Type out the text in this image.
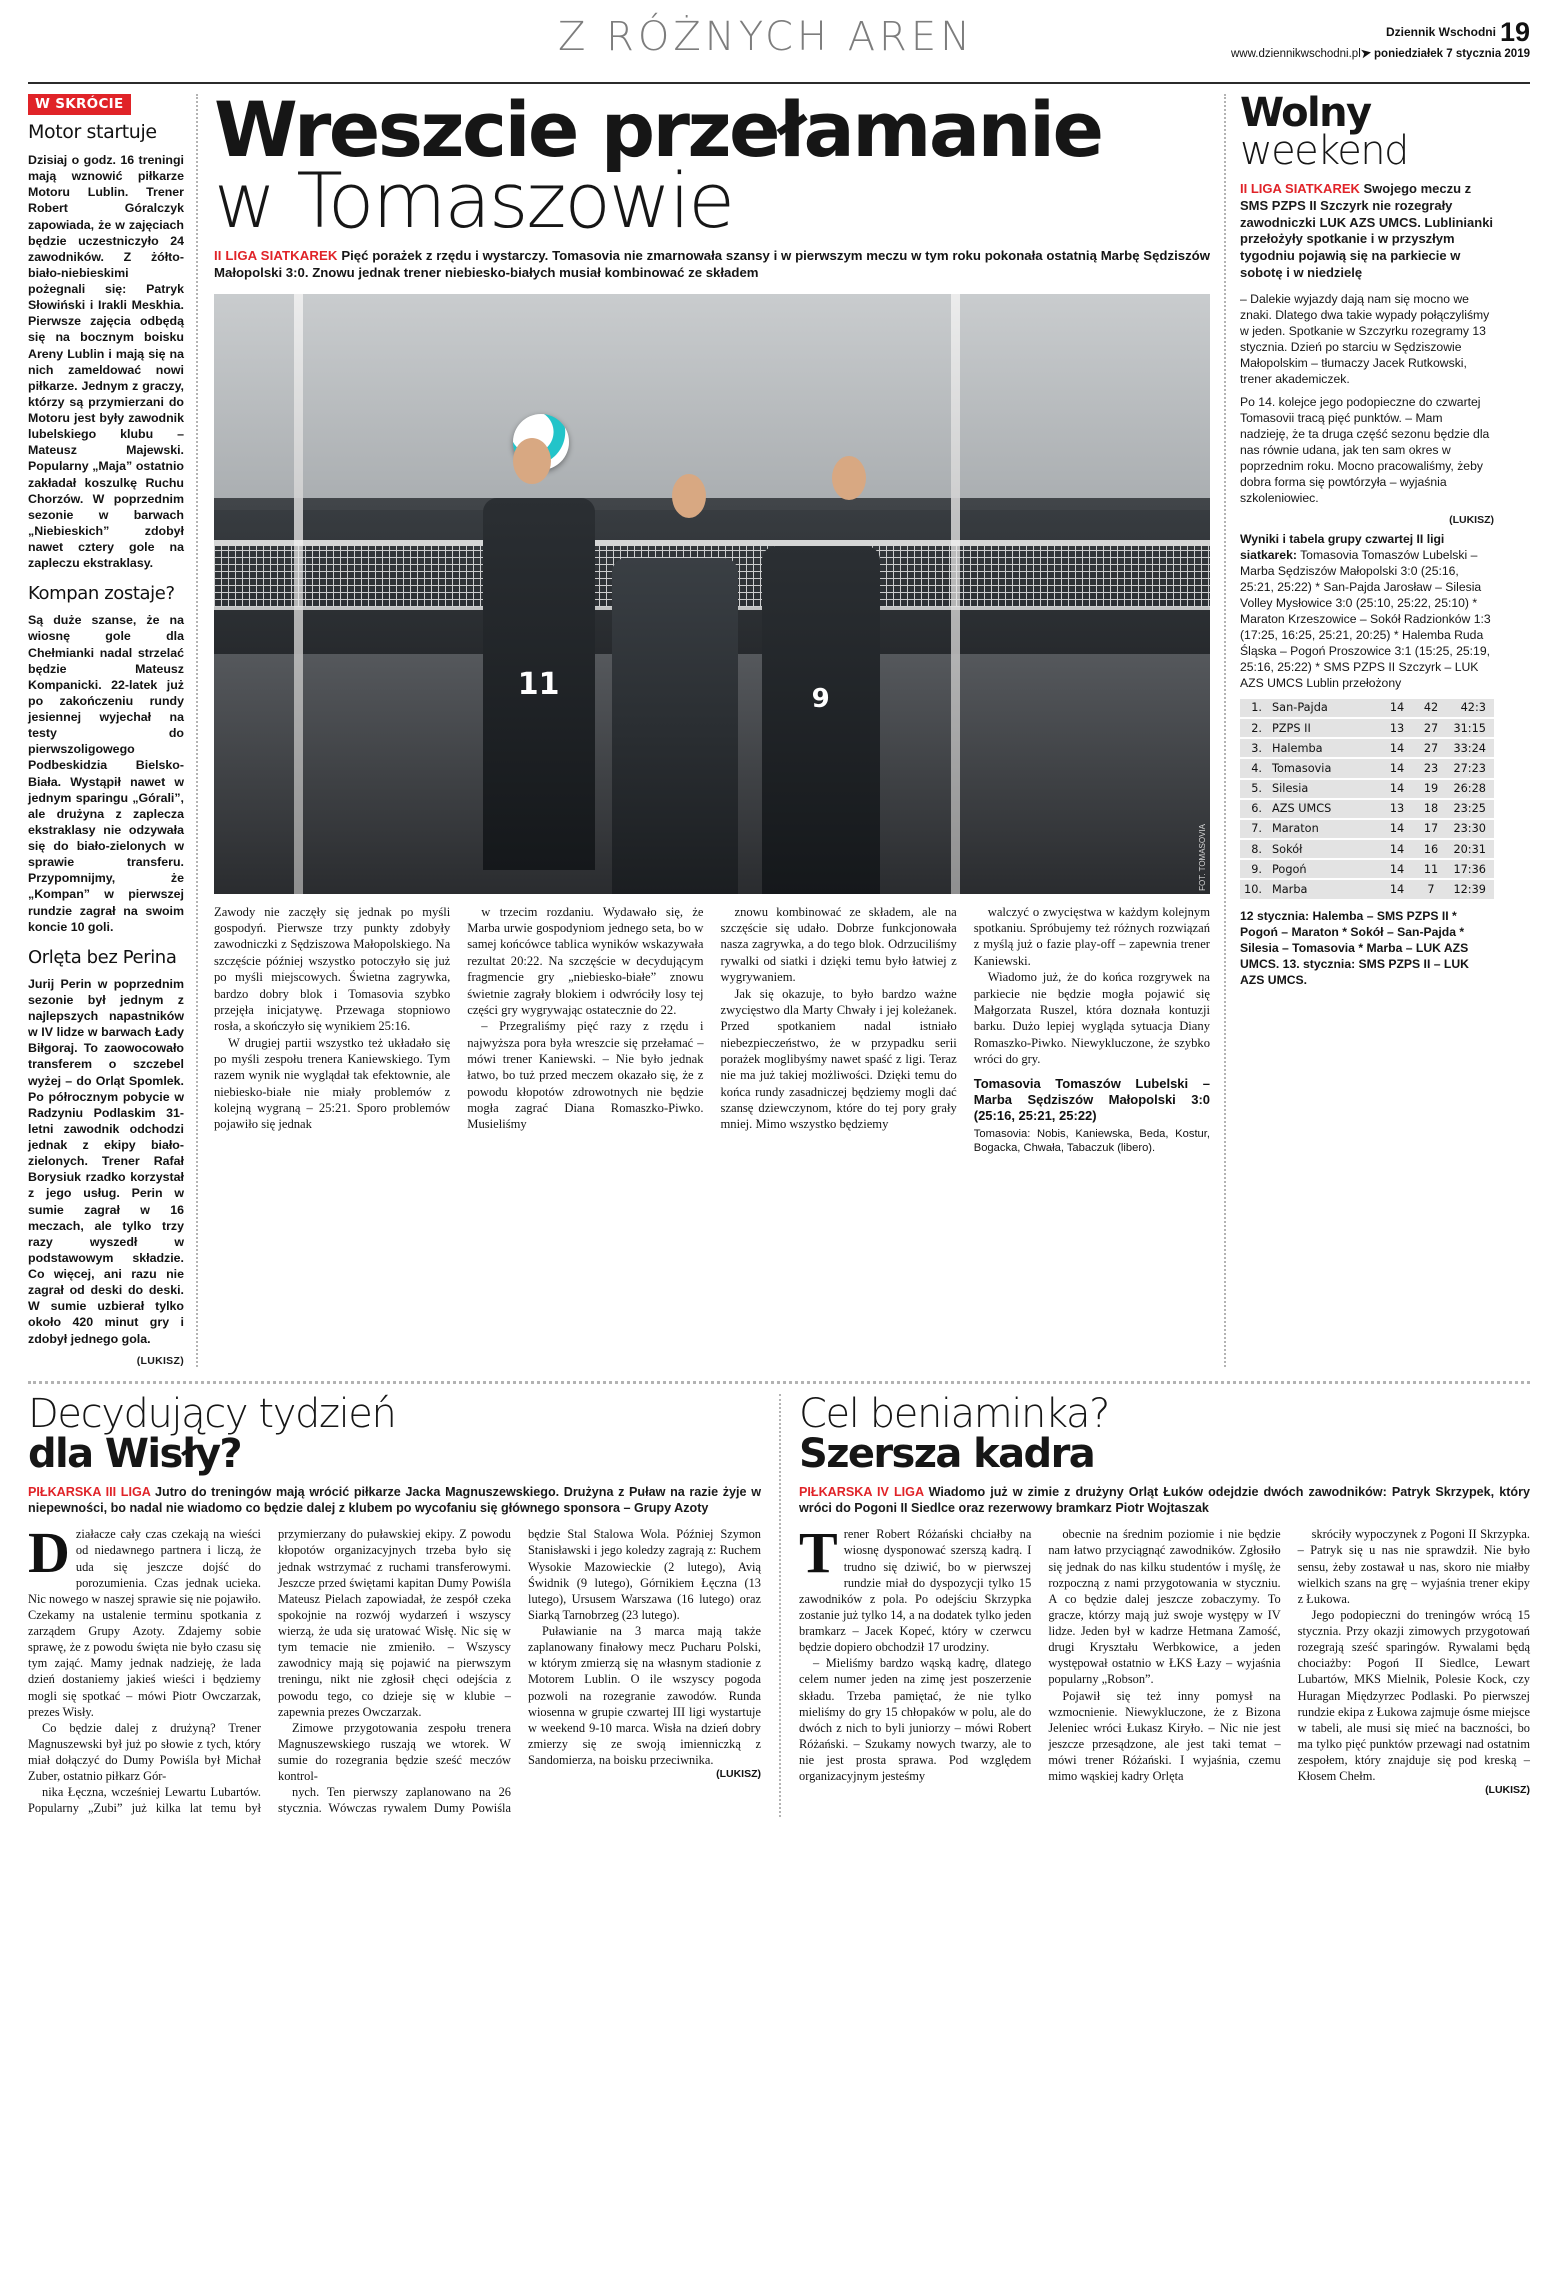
Z RÓŻNYCH AREN	Dziennik Wschodni 19
www.dziennikwschodni.pl➤ poniedziałek 7 stycznia 2019
W SKRÓCIE
Motor startuje

Dzisiaj o godz. 16 treningi mają wznowić piłkarze Motoru Lublin. Trener Robert Góralczyk zapowiada, że w zajęciach będzie uczestniczyło 24 zawodników. Z żółto-biało-niebieskimi pożegnali się: Patryk Słowiński i Irakli Meskhia. Pierwsze zajęcia odbędą się na bocznym boisku Areny Lublin i mają się na nich zameldować nowi piłkarze. Jednym z graczy, którzy są przymierzani do Motoru jest były zawodnik lubelskiego klubu – Mateusz Majewski. Popularny „Maja” ostatnio zakładał koszulkę Ruchu Chorzów. W poprzednim sezonie w barwach „Niebieskich” zdobył nawet cztery gole na zapleczu ekstraklasy.

Kompan zostaje?

Są duże szanse, że na wiosnę gole dla Chełmianki nadal strzelać będzie Mateusz Kompanicki. 22-latek już po zakończeniu rundy jesiennej wyjechał na testy do pierwszoligowego Podbeskidzia Bielsko-Biała. Wystąpił nawet w jednym sparingu „Górali”, ale drużyna z zaplecza ekstraklasy nie odzywała się do biało-zielonych w sprawie transferu. Przypomnijmy, że „Kompan” w pierwszej rundzie zagrał na swoim koncie 10 goli.

Orlęta bez Perina

Jurij Perin w poprzednim sezonie był jednym z najlepszych napastników w IV lidze w barwach Łady Biłgoraj. To zaowocowało transferem o szczebel wyżej – do Orląt Spomlek. Po półrocznym pobycie w Radzyniu Podlaskim 31-letni zawodnik odchodzi jednak z ekipy biało-zielonych. Trener Rafał Borysiuk rzadko korzystał z jego usług. Perin w sumie zagrał w 16 meczach, ale tylko trzy razy wyszedł w podstawowym składzie. Co więcej, ani razu nie zagrał od deski do deski. W sumie uzbierał tylko około 420 minut gry i zdobył jednego gola.

(LUKISZ)
Wreszcie przełamanie
w Tomaszowie

II LIGA SIATKAREK Pięć porażek z rzędu i wystarczy. Tomasovia nie zmarnowała szansy i w pierwszym meczu w tym roku pokonała ostatnią Marbę Sędziszów Małopolski 3:0. Znowu jednak trener niebiesko-białych musiał kombinować ze składem

11	9
FOT. TOMASOVIA

Zawody nie zaczęły się jednak po myśli gospodyń. Pierwsze trzy punkty zdobyły zawodniczki z Sędziszowa Małopolskiego. Na szczęście później wszystko potoczyło się już po myśli miejscowych. Świetna zagrywka, bardzo dobry blok i Tomasovia szybko przejęła inicjatywę. Przewaga stopniowo rosła, a skończyło się wynikiem 25:16.

W drugiej partii wszystko też układało się po myśli zespołu trenera Kaniewskiego. Tym razem wynik nie wyglądał tak efektownie, ale niebiesko-białe nie miały problemów z kolejną wygraną – 25:21. Sporo problemów pojawiło się jednak

w trzecim rozdaniu. Wydawało się, że Marba urwie gospodyniom jednego seta, bo w samej końcówce tablica wyników wskazywała rezultat 20:22. Na szczęście w decydującym fragmencie gry „niebiesko-białe” znowu świetnie zagrały blokiem i odwróciły losy tej części gry wygrywając ostatecznie do 22.

– Przegraliśmy pięć razy z rzędu i najwyższa pora była wreszcie się przełamać – mówi trener Kaniewski. – Nie było jednak łatwo, bo tuż przed meczem okazało się, że z powodu kłopotów zdrowotnych nie będzie mogła zagrać Diana Romaszko-Piwko. Musieliśmy

znowu kombinować ze składem, ale na szczęście się udało. Dobrze funkcjonowała nasza zagrywka, a do tego blok. Odrzuciliśmy rywalki od siatki i dzięki temu było łatwiej z wygrywaniem.

Jak się okazuje, to było bardzo ważne zwycięstwo dla Marty Chwały i jej koleżanek. Przed spotkaniem nadal istniało niebezpieczeństwo, że w przypadku serii porażek moglibyśmy nawet spaść z ligi. Teraz nie ma już takiej możliwości. Dzięki temu do końca rundy zasadniczej będziemy mogli dać szansę dziewczynom, które do tej pory grały mniej. Mimo wszystko będziemy

walczyć o zwycięstwa w każdym kolejnym spotkaniu. Spróbujemy też różnych rozwiązań z myślą już o fazie play-off – zapewnia trener Kaniewski.

Wiadomo już, że do końca rozgrywek na parkiecie nie będzie mogła pojawić się Małgorzata Ruszel, która doznała kontuzji barku. Dużo lepiej wygląda sytuacja Diany Romaszko-Piwko. Niewykluczone, że szybko wróci do gry.

Tomasovia Tomaszów Lubelski – Marba Sędziszów Małopolski 3:0 (25:16, 25:21, 25:22)

Tomasovia: Nobis, Kaniewska, Beda, Kostur, Bogacka, Chwała, Tabaczuk (libero).

Wolny
weekend

II LIGA SIATKAREK Swojego meczu z SMS PZPS II Szczyrk nie rozegrały zawodniczki LUK AZS UMCS. Lublinianki przełożyły spotkanie i w przyszłym tygodniu pojawią się na parkiecie w sobotę i w niedzielę

– Dalekie wyjazdy dają nam się mocno we znaki. Dlatego dwa takie wypady połączyliśmy w jeden. Spotkanie w Szczyrku rozegramy 13 stycznia. Dzień po starciu w Sędziszowie Małopolskim – tłumaczy Jacek Rutkowski, trener akademiczek.

Po 14. kolejce jego podopieczne do czwartej Tomasovii tracą pięć punktów. – Mam nadzieję, że ta druga część sezonu będzie dla nas równie udana, jak ten sam okres w poprzednim roku. Mocno pracowaliśmy, żeby dobra forma się powtórzyła – wyjaśnia szkoleniowiec.

(LUKISZ)

Wyniki i tabela grupy czwartej II ligi siatkarek: Tomasovia Tomaszów Lubelski – Marba Sędziszów Małopolski 3:0 (25:16, 25:21, 25:22) * San-Pajda Jarosław – Silesia Volley Mysłowice 3:0 (25:10, 25:22, 25:10) * Maraton Krzeszowice – Sokół Radzionków 1:3 (17:25, 16:25, 25:21, 20:25) * Halemba Ruda Śląska – Pogoń Proszowice 3:1 (15:25, 25:19, 25:16, 25:22) * SMS PZPS II Szczyrk – LUK AZS UMCS Lublin przełożony

1.	San-Pajda	14	42	42:3
2.	PZPS II	13	27	31:15
3.	Halemba	14	27	33:24
4.	Tomasovia	14	23	27:23
5.	Silesia	14	19	26:28
6.	AZS UMCS	13	18	23:25
7.	Maraton	14	17	23:30
8.	Sokół	14	16	20:31
9.	Pogoń	14	11	17:36
10.	Marba	14	7	12:39

12 stycznia: Halemba – SMS PZPS II * Pogoń – Maraton * Sokół – San-Pajda * Silesia – Tomasovia * Marba – LUK AZS UMCS. 13. stycznia: SMS PZPS II – LUK AZS UMCS.

Decydujący tydzień
dla Wisły?

PIŁKARSKA III LIGA Jutro do treningów mają wrócić piłkarze Jacka Magnuszewskiego. Drużyna z Puław na razie żyje w niepewności, bo nadal nie wiadomo co będzie dalej z klubem po wycofaniu się głównego sponsora – Grupy Azoty

Działacze cały czas czekają na wieści od niedawnego partnera i liczą, że uda się jeszcze dojść do porozumienia. Czas jednak ucieka. Nic nowego w naszej sprawie się nie pojawiło. Czekamy na ustalenie terminu spotkania z zarządem Grupy Azoty. Zdajemy sobie sprawę, że z powodu święta nie było czasu się tym zająć. Mamy jednak nadzieję, że lada dzień dostaniemy jakieś wieści i będziemy mogli się spotkać – mówi Piotr Owczarzak, prezes Wisły.

Co będzie dalej z drużyną? Trener Magnuszewski był już po słowie z tych, który miał dołączyć do Dumy Powiśla był Michał Zuber, ostatnio piłkarz Gór-

nika Łęczna, wcześniej Lewartu Lubartów. Popularny „Zubi” już kilka lat temu był przymierzany do puławskiej ekipy. Z powodu kłopotów organizacyjnych trzeba było się jednak wstrzymać z ruchami transferowymi. Jeszcze przed świętami kapitan Dumy Powiśla Mateusz Pielach zapowiadał, że zespół czeka spokojnie na rozwój wydarzeń i wszyscy wierzą, że uda się uratować Wisłę. Nic się w tym temacie nie zmieniło. – Wszyscy zawodnicy mają się pojawić na pierwszym treningu, nikt nie zgłosił chęci odejścia z powodu tego, co dzieje się w klubie – zapewnia prezes Owczarzak.

Zimowe przygotowania zespołu trenera Magnuszewskiego ruszają we wtorek. W sumie do rozegrania będzie sześć meczów kontrol-

nych. Ten pierwszy zaplanowano na 26 stycznia. Wówczas rywalem Dumy Powiśla będzie Stal Stalowa Wola. Później Szymon Stanisławski i jego koledzy zagrają z: Ruchem Wysokie Mazowieckie (2 lutego), Avią Świdnik (9 lutego), Górnikiem Łęczna (13 lutego), Ursusem Warszawa (16 lutego) oraz Siarką Tarnobrzeg (23 lutego).

Puławianie na 3 marca mają także zaplanowany finałowy mecz Pucharu Polski, w którym zmierzą się na własnym stadionie z Motorem Lublin. O ile wszyscy pogoda pozwoli na rozegranie zawodów. Runda wiosenna w grupie czwartej III ligi wystartuje w weekend 9-10 marca. Wisła na dzień dobry zmierzy się ze swoją imienniczką z Sandomierza, na boisku przeciwnika.

(LUKISZ)

Cel beniaminka?
Szersza kadra

PIŁKARSKA IV LIGA Wiadomo już w zimie z drużyny Orląt Łuków odejdzie dwóch zawodników: Patryk Skrzypek, który wróci do Pogoni II Siedlce oraz rezerwowy bramkarz Piotr Wojtaszak

Trener Robert Różański chciałby na wiosnę dysponować szerszą kadrą. I trudno się dziwić, bo w pierwszej rundzie miał do dyspozycji tylko 15 zawodników z pola. Po odejściu Skrzypka zostanie już tylko 14, a na dodatek tylko jeden bramkarz – Jacek Kopeć, który w czerwcu będzie dopiero obchodził 17 urodziny.

– Mieliśmy bardzo wąską kadrę, dlatego celem numer jeden na zimę jest poszerzenie składu. Trzeba pamiętać, że nie tylko mieliśmy do gry 15 chłopaków w polu, ale do dwóch z nich to byli juniorzy – mówi Robert Różański. – Szukamy nowych twarzy, ale to nie jest prosta sprawa. Pod względem organizacyjnym jesteśmy

obecnie na średnim poziomie i nie będzie nam łatwo przyciągnąć zawodników. Zgłosiło się jednak do nas kilku studentów i myślę, że rozpoczną z nami przygotowania w styczniu. A co będzie dalej jeszcze zobaczymy. To gracze, którzy mają już swoje występy w IV lidze. Jeden był w kadrze Hetmana Zamość, drugi Kryształu Werbkowice, a jeden występował ostatnio w ŁKS Łazy – wyjaśnia popularny „Robson”.

Pojawił się też inny pomysł na wzmocnienie. Niewykluczone, że z Bizona Jeleniec wróci Łukasz Kiryło. – Nic nie jest jeszcze przesądzone, ale jest taki temat – mówi trener Różański. I wyjaśnia, czemu mimo wąskiej kadry Orlęta

skróciły wypoczynek z Pogoni II Skrzypka. – Patryk się u nas nie sprawdził. Nie było sensu, żeby zostawał u nas, skoro nie miałby wielkich szans na grę – wyjaśnia trener ekipy z Łukowa.

Jego podopieczni do treningów wrócą 15 stycznia. Przy okazji zimowych przygotowań rozegrają sześć sparingów. Rywalami będą chociażby: Pogoń II Siedlce, Lewart Lubartów, MKS Mielnik, Polesie Kock, czy Huragan Międzyrzec Podlaski. Po pierwszej rundzie ekipa z Łukowa zajmuje ósme miejsce w tabeli, ale musi się mieć na baczności, bo ma tylko pięć punktów przewagi nad ostatnim zespołem, który znajduje się pod kreską – Kłosem Chełm.

(LUKISZ)
